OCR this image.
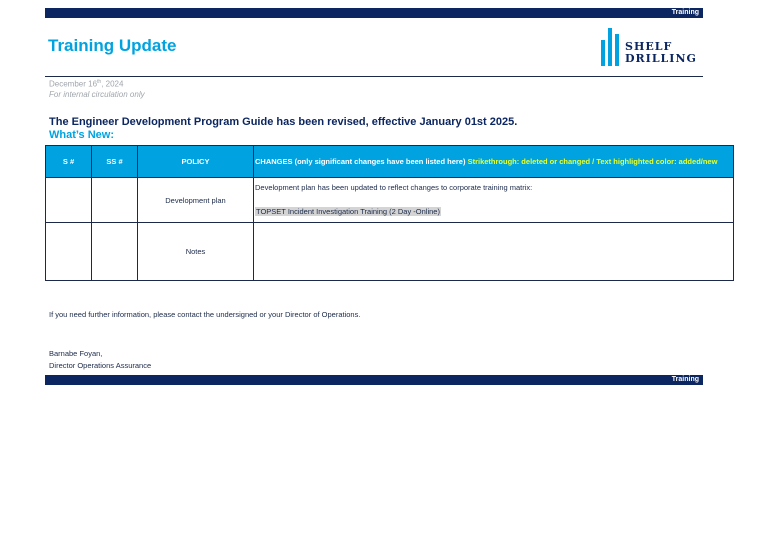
Training
Training Update	SHELF
DRILLING
December 16th, 2024
For internal circulation only
The Engineer Development Program Guide has been revised, effective January 01st 2025.
What’s New:
S #	SS #	POLICY	CHANGES (only significant changes have been listed here) Strikethrough: deleted or changed / Text highlighted color: added/new
		Development plan	Development plan has been updated to reflect changes to corporate training matrix:
TOPSET Incident Investigation Training (2 Day -Online)
		Notes	
If you need further information, please contact the undersigned or your Director of Operations.
Barnabe Foyan,
Director Operations Assurance
Training
